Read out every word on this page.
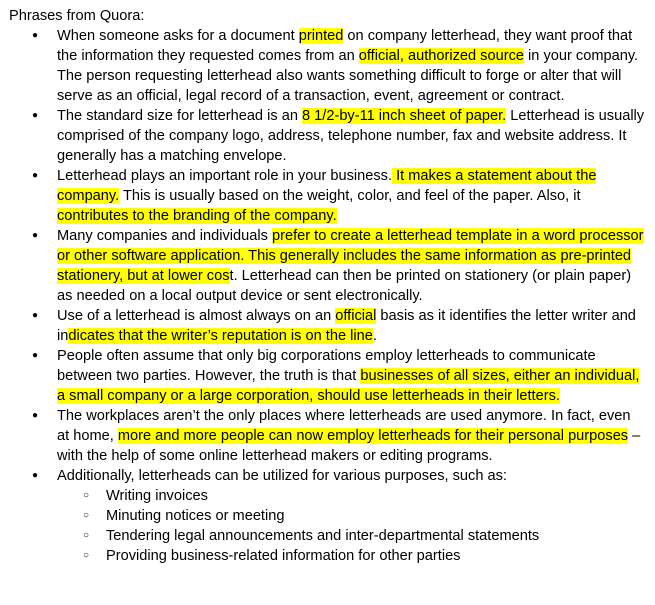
Phrases from Quora:
● When someone asks for a document printed on company letterhead, they want proof that the information they requested comes from an official, authorized source in your company. The person requesting letterhead also wants something difficult to forge or alter that will serve as an official, legal record of a transaction, event, agreement or contract.
● The standard size for letterhead is an 8 1/2-by-11 inch sheet of paper. Letterhead is usually comprised of the company logo, address, telephone number, fax and website address. It generally has a matching envelope.
● Letterhead plays an important role in your business. It makes a statement about the company. This is usually based on the weight, color, and feel of the paper. Also, it contributes to the branding of the company.
● Many companies and individuals prefer to create a letterhead template in a word processor or other software application. This generally includes the same information as pre-printed stationery, but at lower cost. Letterhead can then be printed on stationery (or plain paper) as needed on a local output device or sent electronically.
● Use of a letterhead is almost always on an official basis as it identifies the letter writer and indicates that the writer’s reputation is on the line.
● People often assume that only big corporations employ letterheads to communicate between two parties. However, the truth is that businesses of all sizes, either an individual, a small company or a large corporation, should use letterheads in their letters.
● The workplaces aren’t the only places where letterheads are used anymore. In fact, even at home, more and more people can now employ letterheads for their personal purposes – with the help of some online letterhead makers or editing programs.
● Additionally, letterheads can be utilized for various purposes, such as:
○ Writing invoices
○ Minuting notices or meeting
○ Tendering legal announcements and inter-departmental statements
○ Providing business-related information for other parties
